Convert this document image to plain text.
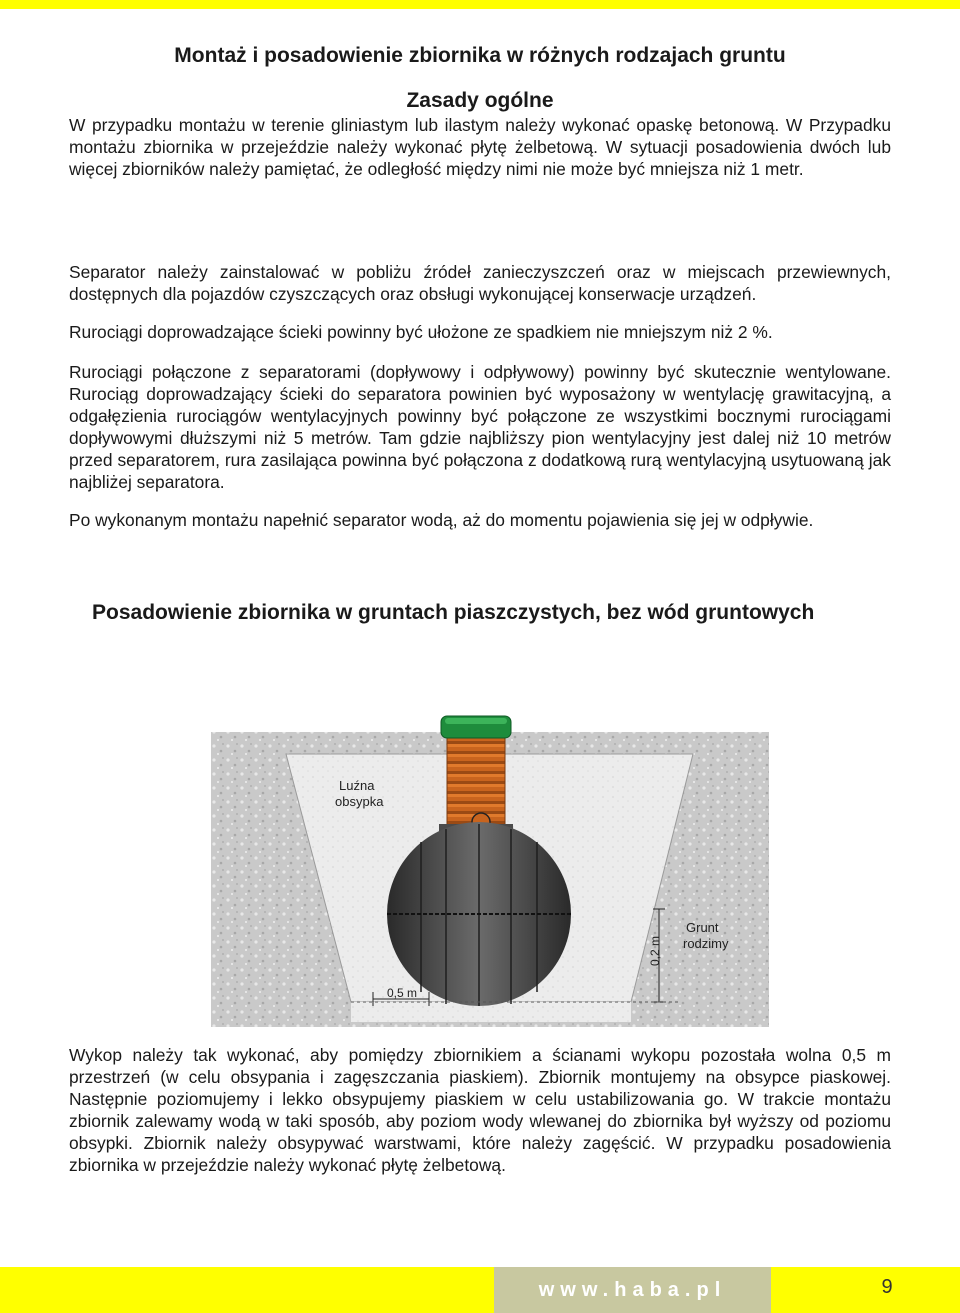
Montaż i posadowienie zbiornika w różnych rodzajach gruntu
Zasady ogólne

W przypadku montażu w terenie gliniastym lub ilastym należy wykonać opaskę betonową. W Przypadku montażu zbiornika w przejeździe należy wykonać płytę żelbetową. W sytuacji posadowienia dwóch lub więcej zbiorników należy pamiętać, że odległość między nimi nie może być mniejsza niż 1 metr.

Separator należy zainstalować w pobliżu źródeł zanieczyszczeń oraz w miejscach przewiewnych, dostępnych dla pojazdów czyszczących oraz obsługi wykonującej konserwacje urządzeń.

Rurociągi doprowadzające ścieki powinny być ułożone ze spadkiem nie mniejszym niż 2 %.

Rurociągi połączone z separatorami (dopływowy i odpływowy) powinny być skutecznie wentylowane. Rurociąg doprowadzający ścieki do separatora powinien być wyposażony w wentylację grawitacyjną, a odgałęzienia rurociągów wentylacyjnych powinny być połączone ze wszystkimi bocznymi rurociągami dopływowymi dłuższymi niż 5 metrów. Tam gdzie najbliższy pion wentylacyjny jest dalej niż 10 metrów przed separatorem, rura zasilająca powinna być połączona z dodatkową rurą wentylacyjną usytuowaną jak najbliżej separatora.

Po wykonanym montażu napełnić separator wodą, aż do momentu pojawienia się jej w odpływie.

Posadowienie zbiornika w gruntach piaszczystych, bez wód gruntowych
Luźna
obsypka
Grunt
rodzimy
0,5 m
0,2 m

Wykop należy tak wykonać, aby pomiędzy zbiornikiem a ścianami wykopu pozostała wolna 0,5 m przestrzeń (w celu obsypania i zagęszczania piaskiem). Zbiornik montujemy na obsypce piaskowej. Następnie poziomujemy i lekko obsypujemy piaskiem w celu ustabilizowania go. W trakcie montażu zbiornik zalewamy wodą w taki sposób, aby poziom wody wlewanej do zbiornika był wyższy od poziomu obsypki. Zbiornik należy obsypywać warstwami, które należy zagęścić. W przypadku posadowienia zbiornika w przejeździe należy wykonać płytę żelbetową.

www.haba.pl	9
